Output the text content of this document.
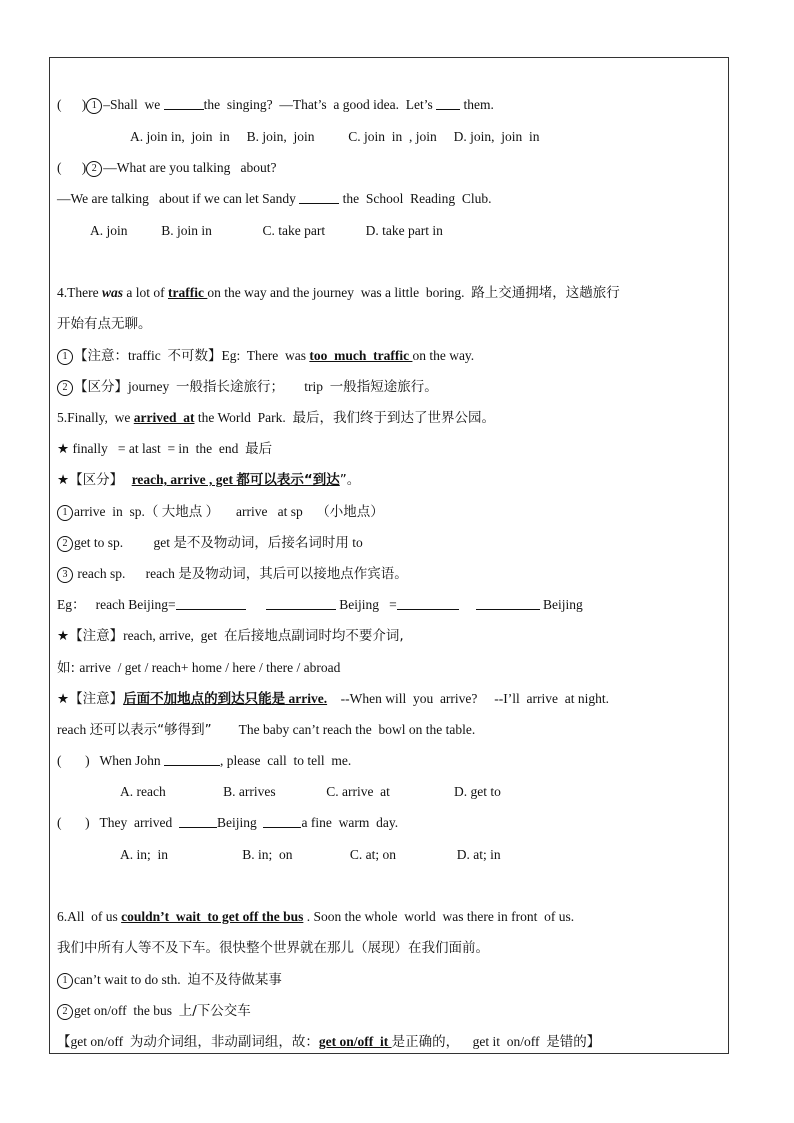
(      ) 1 –Shall  we	the  singing?  —That’s  a good idea.  Let’s  them.
A. join in,  join  in     B. join,  join          C. join  in  , join     D. join,  join  in
(      ) 2 —What are you talking   about?
—We are talking   about if we can let Sandy	the  School  Reading  Club.
A. join          B. join in               C. take part            D. take part in
4.There was a lot of traffic on the way and the journey  was a little  boring.  路上交通拥堵，这趟旅行
开始有点无聊。
1 【注意：traffic  不可数】Eg:  There  was too  much  traffic on the way.
2 【区分】journey  一般指长途旅行；      trip  一般指短途旅行。
5.Finally,  we arrived  at the World  Park.  最后，我们终于到达了世界公园。
★ finally   = at last  = in  the  end  最后
★【区分】  reach, arrive , get 都可以表示“到达”。
1 arrive  in  sp.（ 大地点 ）     arrive   at sp    （小地点）
2 get to sp.         get 是不及物动词，后接名词时用 to
3 reach sp.      reach 是及物动词，其后可以接地点作宾语。
Eg：   reach Beijing=	Beijing   =	Beijing
★【注意】reach, arrive,  get  在后接地点副词时均不要介词,
如: arrive  / get / reach+ home / here / there / abroad
★【注意】后面不加地点的到达只能是 arrive.    --When will  you  arrive?     --I’ll  arrive  at night.
reach 还可以表示“够得到”        The baby can’t reach the  bowl on the table.
(       )   When John	, please  call  to tell  me.
A. reach                 B. arrives               C. arrive  at                   D. get to
(       )   They  arrived	Beijing	a fine  warm  day.
A. in;  in                      B. in;  on                 C. at; on                  D. at; in
6.All  of us couldn’t  wait  to get off the bus . Soon the whole  world  was there in front  of us.
我们中所有人等不及下车。很快整个世界就在那儿（展现）在我们面前。
1 can’t wait to do sth.  迫不及待做某事
2 get on/off  the bus  上/下公交车
【get on/off  为动介词组，非动副词组，故：get on/off  it 是正确的，    get it  on/off  是错的】
